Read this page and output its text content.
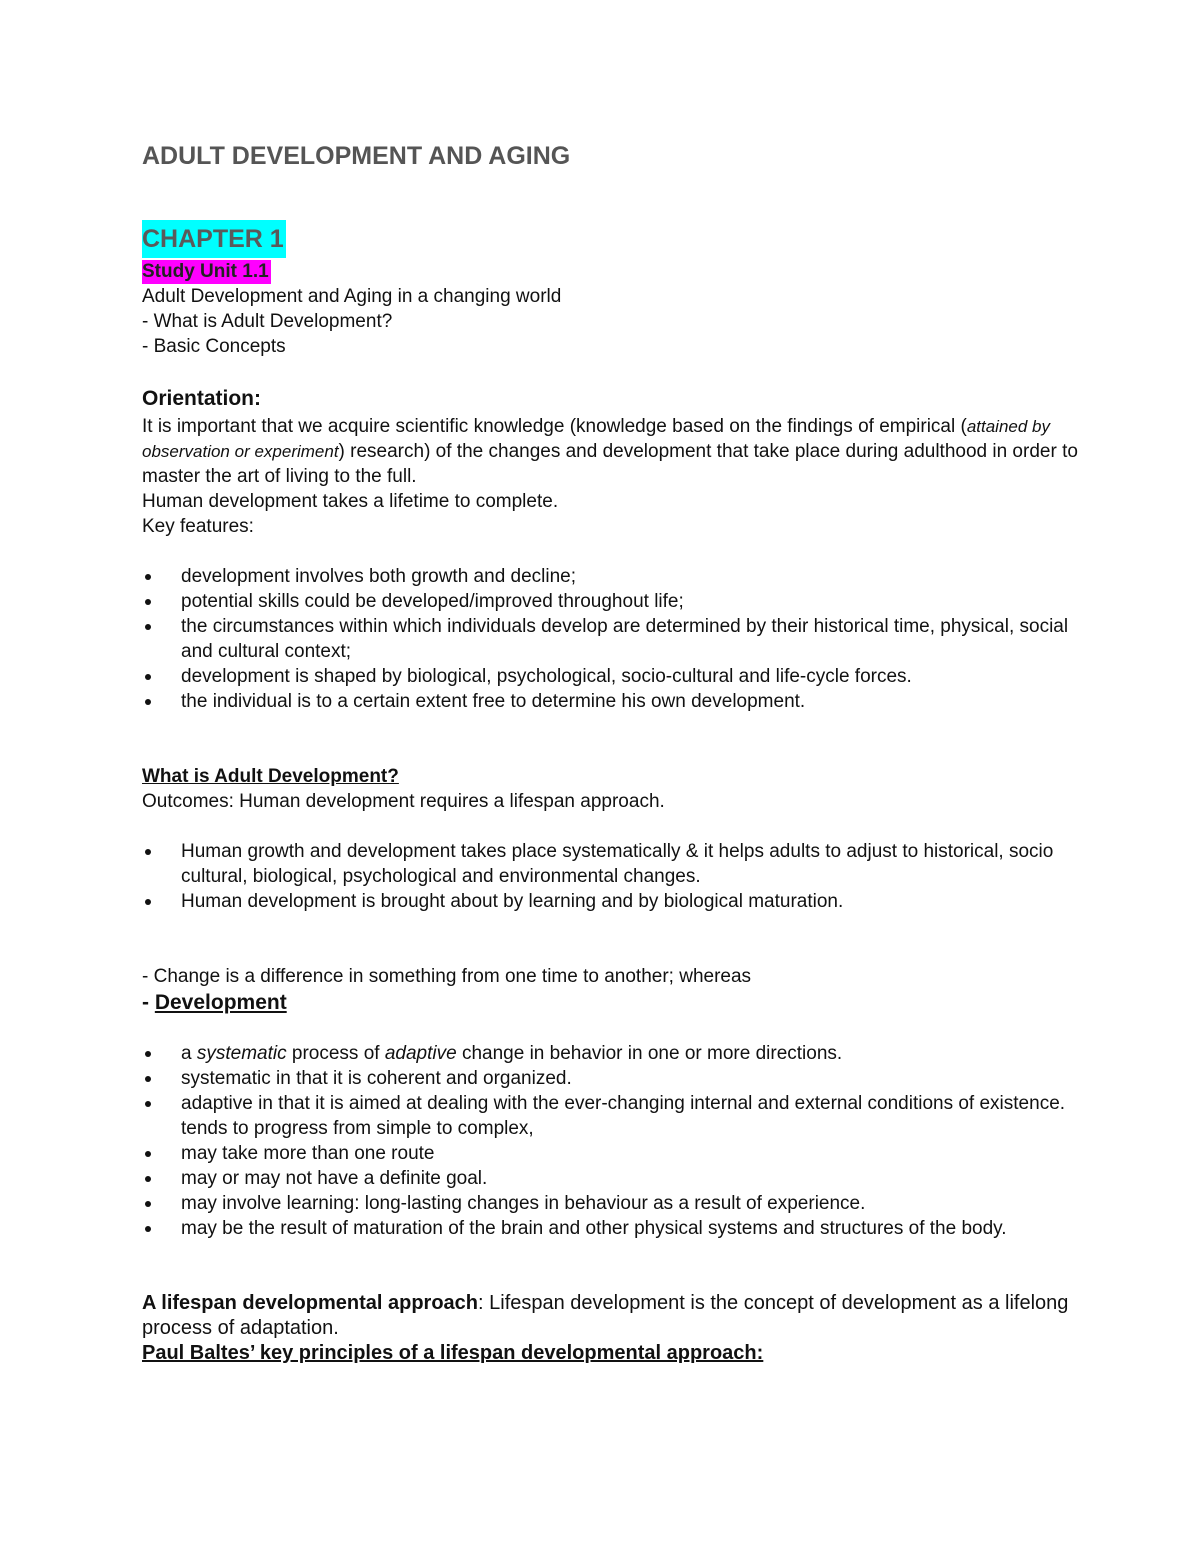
ADULT DEVELOPMENT AND AGING
CHAPTER 1
Study Unit 1.1

Adult Development and Aging in a changing world

- What is Adult Development?

- Basic Concepts

Orientation:

It is important that we acquire scientific knowledge (knowledge based on the findings of empirical (attained by observation or experiment) research) of the changes and development that take place during adulthood in order to master the art of living to the full.

Human development takes a lifetime to complete.

Key features:

development involves both growth and decline;
potential skills could be developed/improved throughout life;
the circumstances within which individuals develop are determined by their historical time, physical, social and cultural context;
development is shaped by biological, psychological, socio-cultural and life-cycle forces.
the individual is to a certain extent free to determine his own development.

What is Adult Development?

Outcomes: Human development requires a lifespan approach.

Human growth and development takes place systematically & it helps adults to adjust to historical, socio cultural, biological, psychological and environmental changes.
Human development is brought about by learning and by biological maturation.

- Change is a difference in something from one time to another; whereas

- Development

a systematic process of adaptive change in behavior in one or more directions.
systematic in that it is coherent and organized.
adaptive in that it is aimed at dealing with the ever-changing internal and external conditions of existence.                    tends to progress from simple to complex,
may take more than one route
may or may not have a definite goal.
may involve learning: long-lasting changes in behaviour as a result of experience.
may be the result of maturation of the brain and other physical systems and structures of the body.

A lifespan developmental approach: Lifespan development is the concept of development as a lifelong process of adaptation.

Paul Baltes’ key principles of a lifespan developmental approach:
